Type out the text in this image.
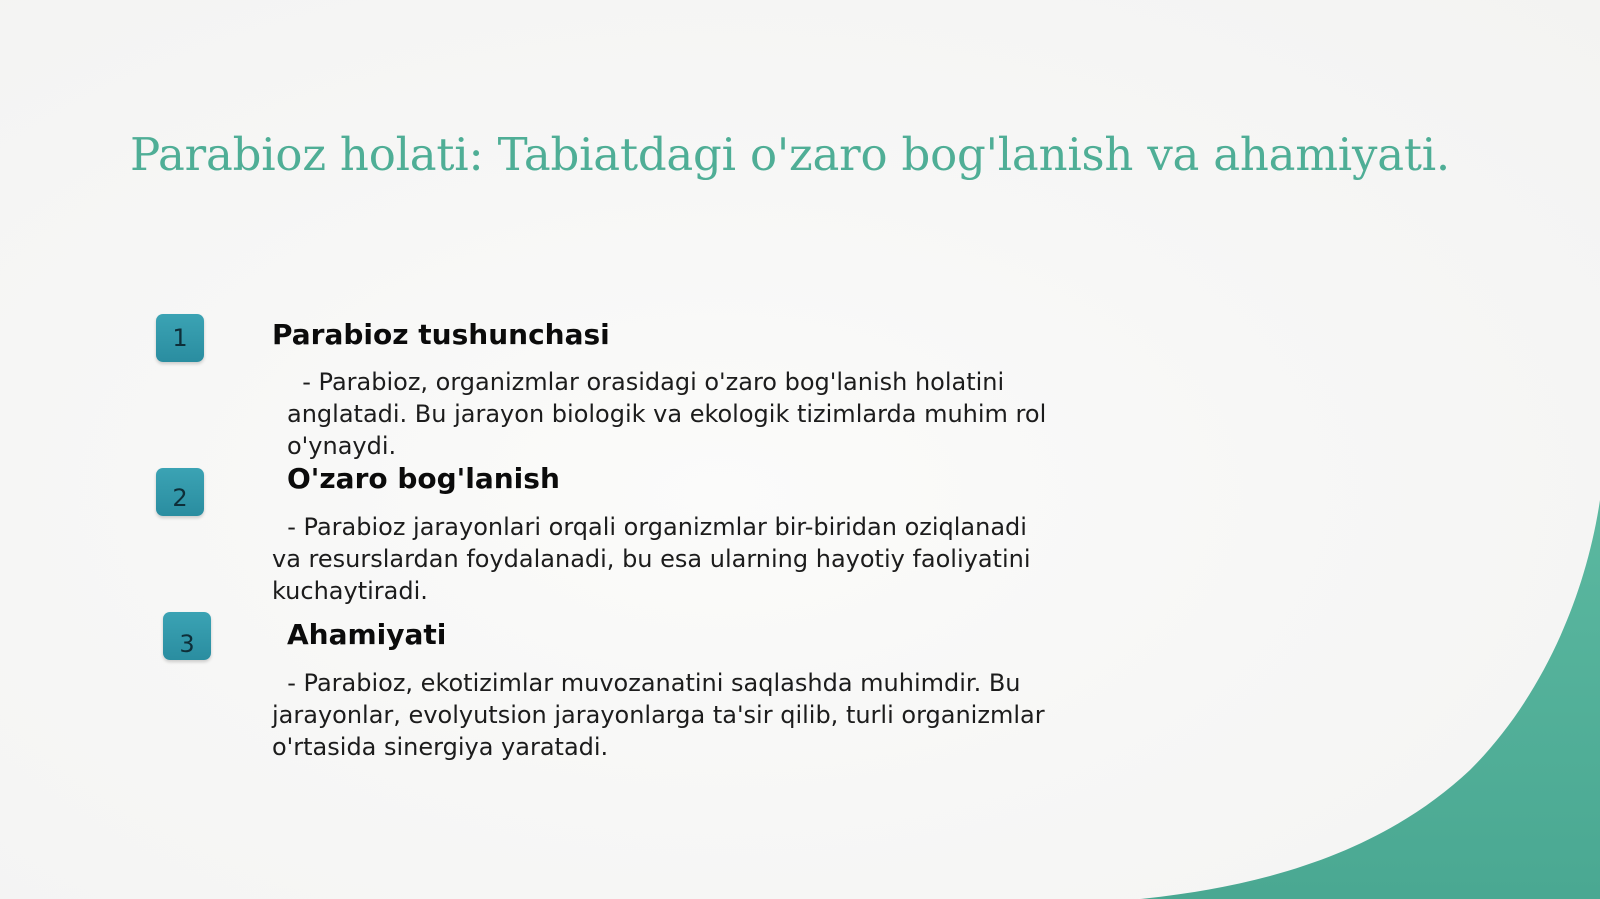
Parabioz holati: Tabiatdagi o'zaro bog'lanish va ahamiyati.
1	Parabioz tushunchasi

- Parabioz, organizmlar orasidagi o'zaro bog'lanish holatini
anglatadi. Bu jarayon biologik va ekologik tizimlarda muhim rol
o'ynaydi.

2
O'zaro bog'lanish

- Parabioz jarayonlari orqali organizmlar bir-biridan oziqlanadi
va resurslardan foydalanadi, bu esa ularning hayotiy faoliyatini
kuchaytiradi.

3	Ahamiyati

- Parabioz, ekotizimlar muvozanatini saqlashda muhimdir. Bu
jarayonlar, evolyutsion jarayonlarga ta'sir qilib, turli organizmlar
o'rtasida sinergiya yaratadi.
